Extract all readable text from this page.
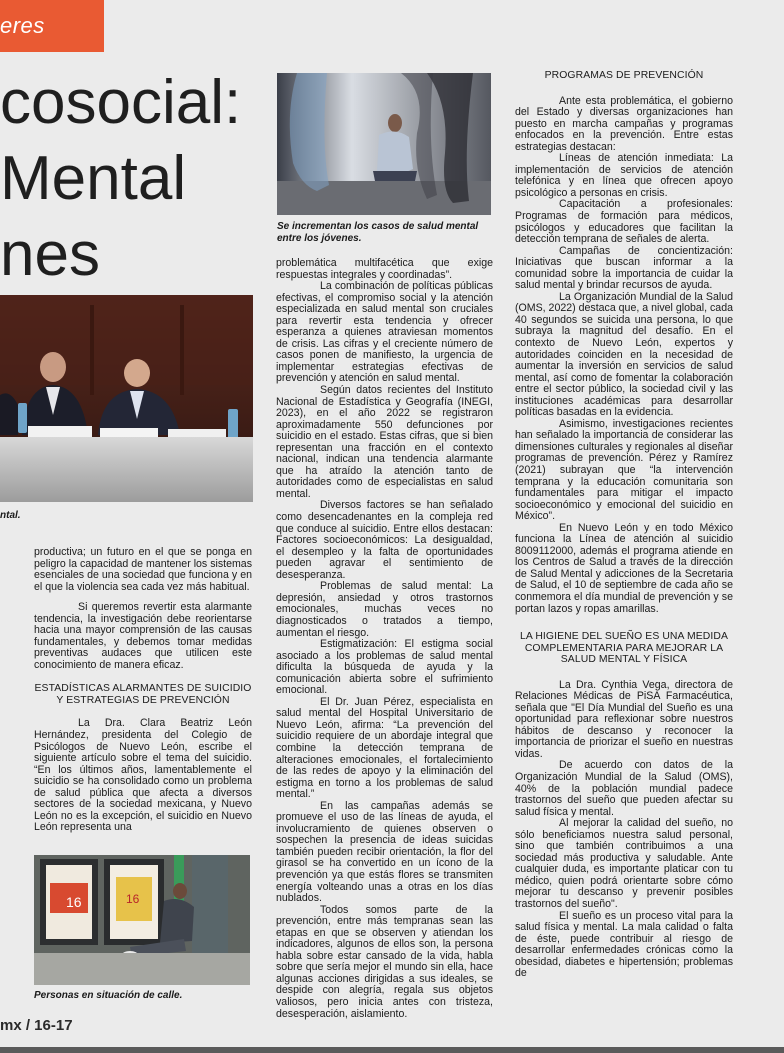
eres
cosocial:
Mental
nes
ntal.
Se incrementan los casos de salud mental entre los jóvenes.

productiva; un futuro en el que se ponga en peligro la capacidad de mantener los sistemas esenciales de una sociedad que funciona y en el que la violencia sea cada vez más habitual.

Si queremos revertir esta alarmante tendencia, la investigación debe reorientarse hacia una mayor comprensión de las causas fundamentales, y debemos tomar medidas preventivas audaces que utilicen este conocimiento de manera eficaz.

ESTADÍSTICAS ALARMANTES DE SUICIDIO Y ESTRATEGIAS DE PREVENCIÓN

La Dra. Clara Beatriz León Hernández, presidenta del Colegio de Psicólogos de Nuevo León, escribe el siguiente artículo sobre el tema del suicidio. “En los últimos años, lamentablemente el suicidio se ha consolidado como un problema de salud pública que afecta a diversos sectores de la sociedad mexicana, y Nuevo León no es la excepción, el suicidio en Nuevo León representa una

16	16
Personas en situación de calle.

problemática multifacética que exige respuestas integrales y coordinadas”.

La combinación de políticas públicas efectivas, el compromiso social y la atención especializada en salud mental son cruciales para revertir esta tendencia y ofrecer esperanza a quienes atraviesan momentos de crisis. Las cifras y el creciente número de casos ponen de manifiesto, la urgencia de implementar estrategias efectivas de prevención y atención en salud mental.

Según datos recientes del Instituto Nacional de Estadística y Geografía (INEGI, 2023), en el año 2022 se registraron aproximadamente 550 defunciones por suicidio en el estado. Estas cifras, que si bien representan una fracción en el contexto nacional, indican una tendencia alarmante que ha atraído la atención tanto de autoridades como de especialistas en salud mental.

Diversos factores se han señalado como desencadenantes en la compleja red que conduce al suicidio. Entre ellos destacan: Factores socioeconómicos: La desigualdad, el desempleo y la falta de oportunidades pueden agravar el sentimiento de desesperanza.

Problemas de salud mental: La depresión, ansiedad y otros trastornos emocionales, muchas veces no diagnosticados o tratados a tiempo, aumentan el riesgo.

Estigmatización: El estigma social asociado a los problemas de salud mental dificulta la búsqueda de ayuda y la comunicación abierta sobre el sufrimiento emocional.

El Dr. Juan Pérez, especialista en salud mental del Hospital Universitario de Nuevo León, afirma: “La prevención del suicidio requiere de un abordaje integral que combine la detección temprana de alteraciones emocionales, el fortalecimiento de las redes de apoyo y la eliminación del estigma en torno a los problemas de salud mental.”

En las campañas además se promueve el uso de las líneas de ayuda, el involucramiento de quienes observen o sospechen la presencia de ideas suicidas también pueden recibir orientación, la flor del girasol se ha convertido en un ícono de la prevención ya que estás flores se transmiten energía volteando unas a otras en los días nublados.

Todos somos parte de la prevención, entre más tempranas sean las etapas en que se observen y atiendan los indicadores, algunos de ellos son, la persona habla sobre estar cansado de la vida, habla sobre que sería mejor el mundo sin ella, hace algunas acciones dirigidas a sus ideales, se despide con alegría, regala sus objetos valiosos, pero inicia antes con tristeza, desesperación, aislamiento.

PROGRAMAS DE PREVENCIÓN

Ante esta problemática, el gobierno del Estado y diversas organizaciones han puesto en marcha campañas y programas enfocados en la prevención. Entre estas estrategias destacan:

Líneas de atención inmediata: La implementación de servicios de atención telefónica y en línea que ofrecen apoyo psicológico a personas en crisis.

Capacitación a profesionales: Programas de formación para médicos, psicólogos y educadores que facilitan la detección temprana de señales de alerta.

Campañas de concientización: Iniciativas que buscan informar a la comunidad sobre la importancia de cuidar la salud mental y brindar recursos de ayuda.

La Organización Mundial de la Salud (OMS, 2022) destaca que, a nivel global, cada 40 segundos se suicida una persona, lo que subraya la magnitud del desafío. En el contexto de Nuevo León, expertos y autoridades coinciden en la necesidad de aumentar la inversión en servicios de salud mental, así como de fomentar la colaboración entre el sector público, la sociedad civil y las instituciones académicas para desarrollar políticas basadas en la evidencia.

Asimismo, investigaciones recientes han señalado la importancia de considerar las dimensiones culturales y regionales al diseñar programas de prevención. Pérez y Ramírez (2021) subrayan que “la intervención temprana y la educación comunitaria son fundamentales para mitigar el impacto socioeconómico y emocional del suicidio en México”.

En Nuevo León y en todo México funciona la Línea de atención al suicidio 8009112000, además el programa atiende en los Centros de Salud a través de la dirección de Salud Mental y adicciones de la Secretaria de Salud, el 10 de septiembre de cada año se conmemora el día mundial de prevención y se portan lazos y ropas amarillas.

LA HIGIENE DEL SUEÑO ES UNA MEDIDA COMPLEMENTARIA PARA MEJORAR LA SALUD MENTAL Y FÍSICA

La Dra. Cynthia Vega, directora de Relaciones Médicas de PiSA Farmacéutica, señala que "El Día Mundial del Sueño es una oportunidad para reflexionar sobre nuestros hábitos de descanso y reconocer la importancia de priorizar el sueño en nuestras vidas.

De acuerdo con datos de la Organización Mundial de la Salud (OMS), 40% de la población mundial padece trastornos del sueño que pueden afectar su salud física y mental.

Al mejorar la calidad del sueño, no sólo beneficiamos nuestra salud personal, sino que también contribuimos a una sociedad más productiva y saludable. Ante cualquier duda, es importante platicar con tu médico, quien podrá orientarte sobre cómo mejorar tu descanso y prevenir posibles trastornos del sueño".

El sueño es un proceso vital para la salud física y mental. La mala calidad o falta de éste, puede contribuir al riesgo de desarrollar enfermedades crónicas como la obesidad, diabetes e hipertensión; problemas de

mx / 16-17
